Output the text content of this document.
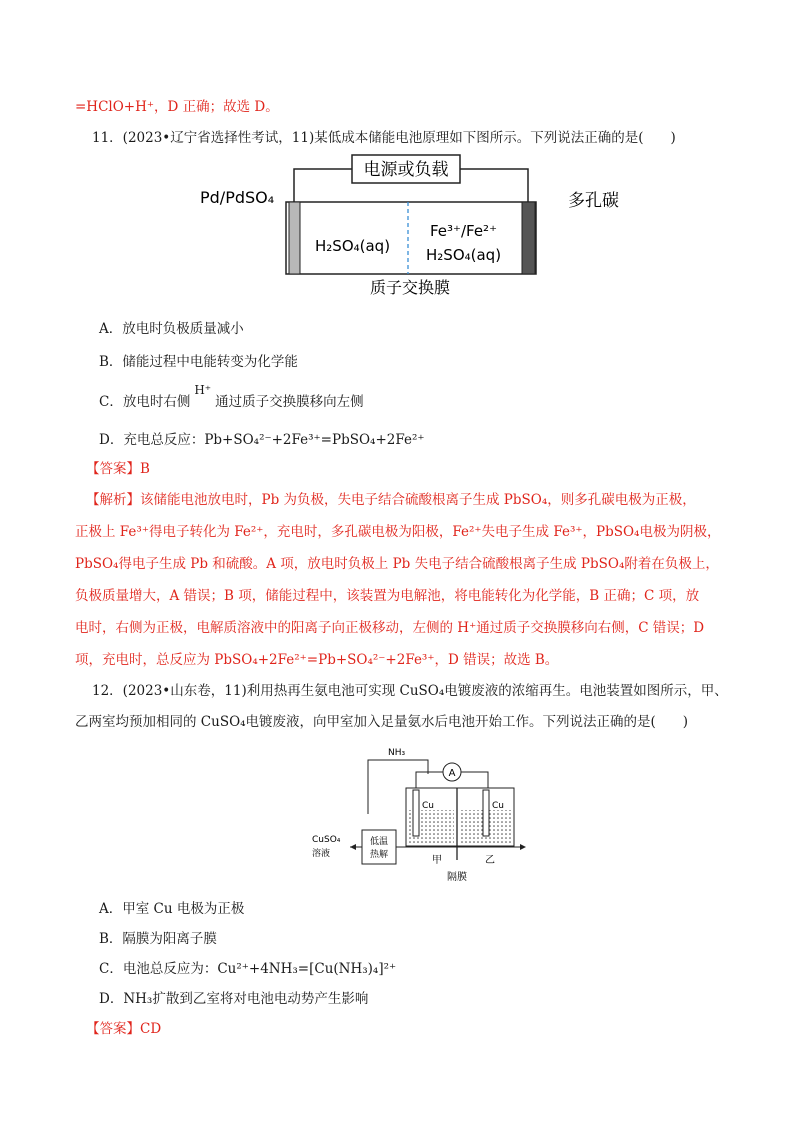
=HClO+H⁺，D 正确；故选 D。
11．(2023•辽宁省选择性考试，11)某低成本储能电池原理如下图所示。下列说法正确的是(　　)
电源或负载
Pd/PdSO₄	多孔碳
H₂SO₄(aq)
Fe³⁺/Fe²⁺
H₂SO₄(aq)
质子交换膜
A．放电时负极质量减小
B．储能过程中电能转变为化学能
C．放电时右侧H⁺通过质子交换膜移向左侧
D．充电总反应：Pb+SO₄²⁻+2Fe³⁺=PbSO₄+2Fe²⁺
【答案】B
【解析】该储能电池放电时，Pb 为负极，失电子结合硫酸根离子生成 PbSO₄，则多孔碳电极为正极，
正极上 Fe³⁺得电子转化为 Fe²⁺，充电时，多孔碳电极为阳极，Fe²⁺失电子生成 Fe³⁺，PbSO₄电极为阴极，
PbSO₄得电子生成 Pb 和硫酸。A 项，放电时负极上 Pb 失电子结合硫酸根离子生成 PbSO₄附着在负极上，
负极质量增大，A 错误；B 项，储能过程中，该装置为电解池，将电能转化为化学能，B 正确；C 项，放
电时，右侧为正极，电解质溶液中的阳离子向正极移动，左侧的 H⁺通过质子交换膜移向右侧，C 错误；D
项，充电时，总反应为 PbSO₄+2Fe²⁺=Pb+SO₄²⁻+2Fe³⁺，D 错误；故选 B。
12．(2023•山东卷，11)利用热再生氨电池可实现 CuSO₄电镀废液的浓缩再生。电池装置如图所示，甲、
乙两室均预加相同的 CuSO₄电镀废液，向甲室加入足量氨水后电池开始工作。下列说法正确的是(　　)
NH₃
A
Cu	Cu
低温
热解
CuSO₄
溶液
甲	乙
隔膜
A．甲室 Cu 电极为正极
B．隔膜为阳离子膜
C．电池总反应为：Cu²⁺+4NH₃=[Cu(NH₃)₄]²⁺
D．NH₃扩散到乙室将对电池电动势产生影响
【答案】CD
